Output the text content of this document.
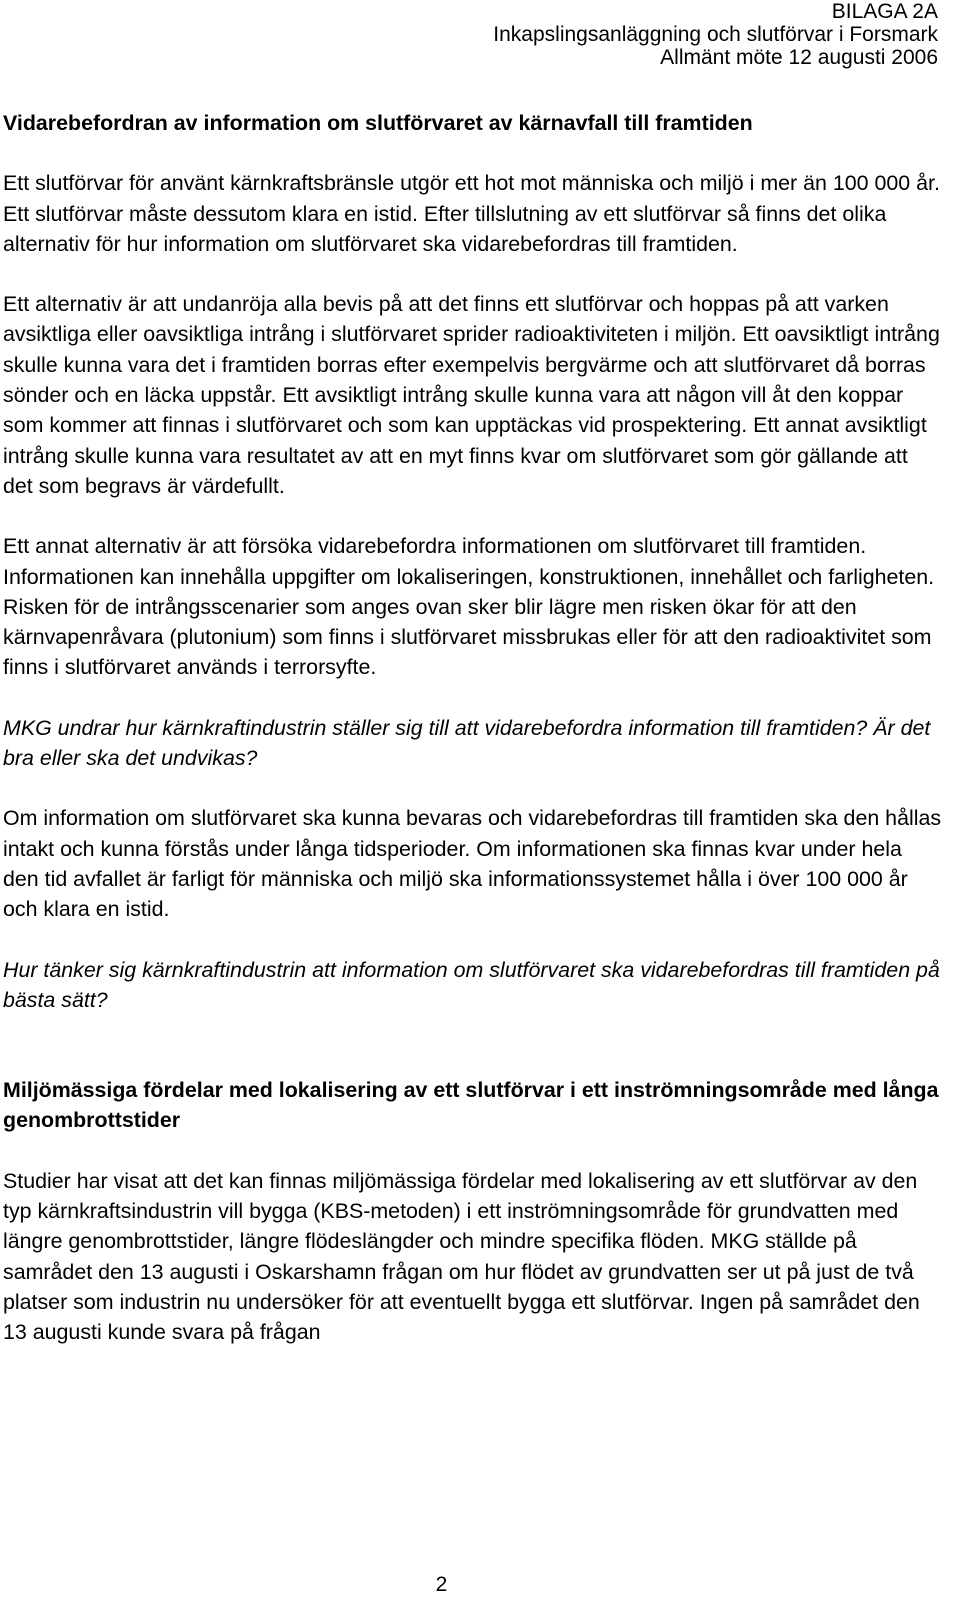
BILAGA 2A
Inkapslingsanläggning och slutförvar i Forsmark
Allmänt möte 12 augusti 2006

Vidarebefordran av information om slutförvaret av kärnavfall till framtiden

Ett slutförvar för använt kärnkraftsbränsle utgör ett hot mot människa och miljö i mer än 100 000 år. Ett slutförvar måste dessutom klara en istid. Efter tillslutning av ett slutförvar så finns det olika alternativ för hur information om slutförvaret ska vidarebefordras till framtiden.

Ett alternativ är att undanröja alla bevis på att det finns ett slutförvar och hoppas på att varken avsiktliga eller oavsiktliga intrång i slutförvaret sprider radioaktiviteten i miljön. Ett oavsiktligt intrång skulle kunna vara det i framtiden borras efter exempelvis bergvärme och att slutförvaret då borras sönder och en läcka uppstår. Ett avsiktligt intrång skulle kunna vara att någon vill åt den koppar som kommer att finnas i slutförvaret och som kan upptäckas vid prospektering. Ett annat avsiktligt intrång skulle kunna vara resultatet av att en myt finns kvar om slutförvaret som gör gällande att det som begravs är värdefullt.

Ett annat alternativ är att försöka vidarebefordra informationen om slutförvaret till framtiden. Informationen kan innehålla uppgifter om lokaliseringen, konstruktionen, innehållet och farligheten. Risken för de intrångsscenarier som anges ovan sker blir lägre men risken ökar för att den kärnvapenråvara (plutonium) som finns i slutförvaret missbrukas eller för att den radioaktivitet som finns i slutförvaret används i terrorsyfte.

MKG undrar hur kärnkraftindustrin ställer sig till att vidarebefordra information till framtiden? Är det bra eller ska det undvikas?

Om information om slutförvaret ska kunna bevaras och vidarebefordras till framtiden ska den hållas intakt och kunna förstås under långa tidsperioder. Om informationen ska finnas kvar under hela den tid avfallet är farligt för människa och miljö ska informationssystemet hålla i över 100 000 år och klara en istid.

Hur tänker sig kärnkraftindustrin att information om slutförvaret ska vidarebefordras till framtiden på bästa sätt?

Miljömässiga fördelar med lokalisering av ett slutförvar i ett inströmningsområde med långa genombrottstider

Studier har visat att det kan finnas miljömässiga fördelar med lokalisering av ett slutförvar av den typ kärnkraftsindustrin vill bygga (KBS-metoden) i ett inströmningsområde för grundvatten med längre genombrottstider, längre flödeslängder och mindre specifika flöden. MKG ställde på samrådet den 13 augusti i Oskarshamn frågan om hur flödet av grundvatten ser ut på just de två platser som industrin nu undersöker för att eventuellt bygga ett slutförvar. Ingen på samrådet den 13 augusti kunde svara på frågan

2
